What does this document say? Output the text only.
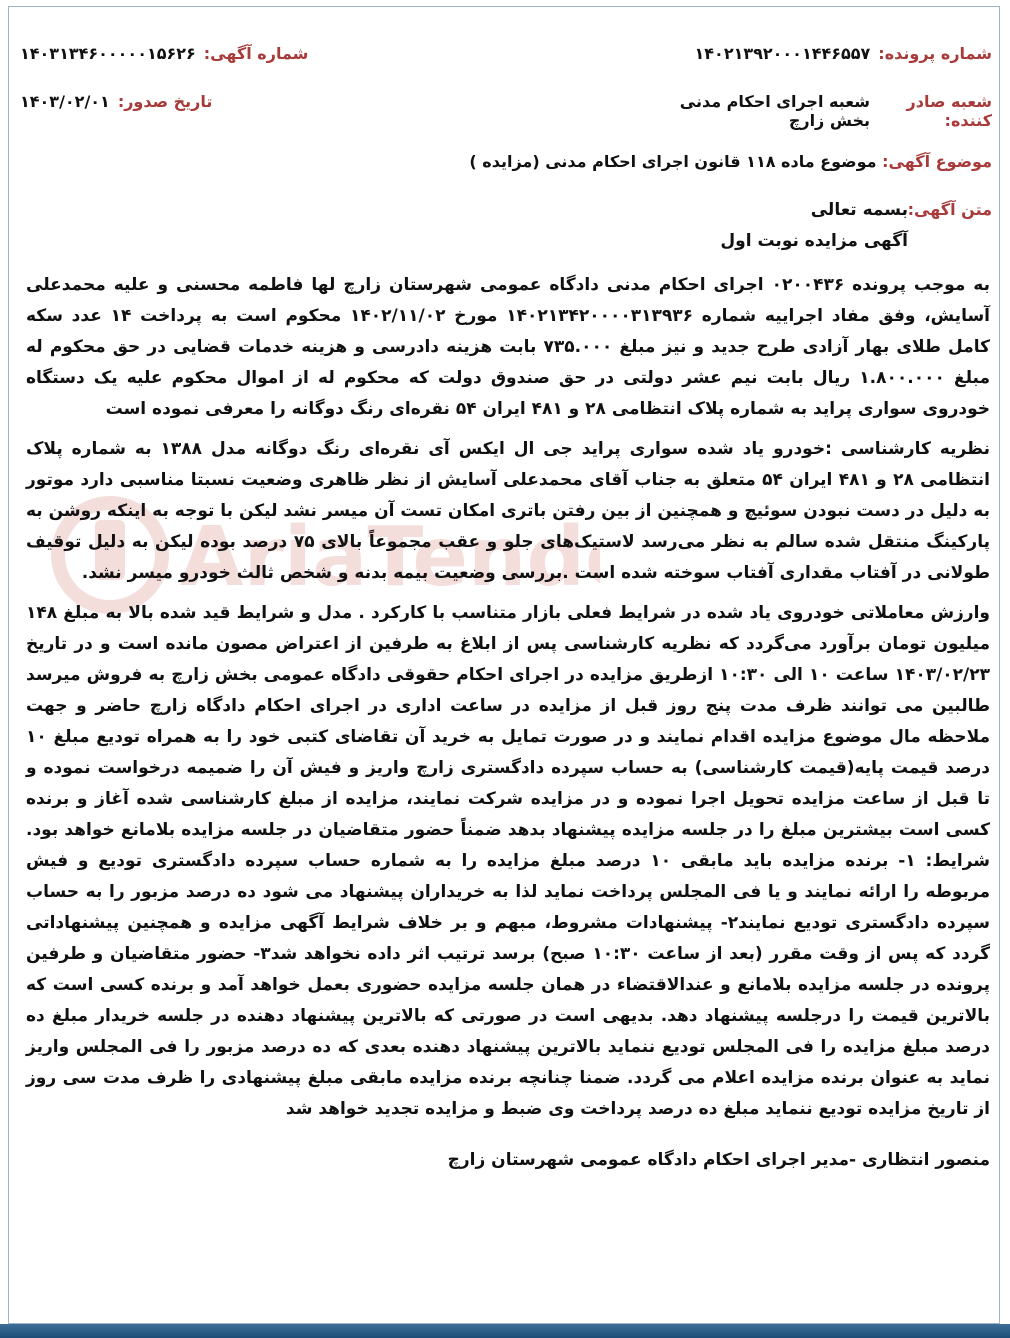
AriaTend
شماره آگهی:
۱۴۰۳۱۳۴۶۰۰۰۰۰۱۵۶۲۶	شماره پرونده:
۱۴۰۲۱۳۹۲۰۰۰۱۴۴۶۵۵۷
تاریخ صدور:
۱۴۰۳/۰۲/۰۱	شعبه صادر کننده:
شعبه اجرای احکام مدنی بخش زارچ
موضوع آگهی: موضوع ماده ۱۱۸ قانون اجرای احکام مدنی (مزایده )
متن آگهی:
بسمه تعالی
آگهی مزایده نوبت اول

به موجب پرونده ۰۲۰۰۴۳۶ اجرای احکام مدنی دادگاه عمومی شهرستان زارچ لها فاطمه محسنی و علیه محمدعلی آسایش، وفق مفاد اجراییه شماره ۱۴۰۲۱۳۴۲۰۰۰۰۳۱۳۹۳۶ مورخ ۱۴۰۲/۱۱/۰۲ محکوم است به پرداخت ۱۴ عدد سکه کامل طلای بهار آزادی طرح جدید و نیز مبلغ ۷۳۵.۰۰۰ بابت هزینه دادرسی و هزینه خدمات قضایی در حق محکوم له مبلغ ۱.۸۰۰.۰۰۰ ریال بابت نیم عشر دولتی در حق صندوق دولت که محکوم له از اموال محکوم علیه یک دستگاه خودروی سواری پراید به شماره پلاک انتظامی ۲۸ و ۴۸۱ ایران ۵۴ نقره‌ای رنگ دوگانه را معرفی نموده است

نظریه کارشناسی :خودرو یاد شده سواری پراید جی ال ایکس آی نقره‌ای رنگ دوگانه مدل ۱۳۸۸ به شماره پلاک انتظامی ۲۸ و ۴۸۱ ایران ۵۴ متعلق به جناب آقای محمدعلی آسایش از نظر ظاهری وضعیت نسبتا مناسبی دارد موتور به دلیل در دست نبودن سوئیچ و همچنین از بین رفتن باتری امکان تست آن میسر نشد لیکن با توجه به اینکه روشن به پارکینگ منتقل شده سالم به نظر می‌رسد لاستیک‌های جلو و عقب مجموعاً بالای ۷۵ درصد بوده لیکن به دلیل توقیف طولانی در آفتاب مقداری آفتاب سوخته شده است .بررسی وضعیت بیمه بدنه و شخص ثالث خودرو میسر نشد.

وارزش معاملاتی خودروی یاد شده در شرایط فعلی بازار متناسب با کارکرد . مدل و شرایط قید شده بالا به مبلغ ۱۴۸ میلیون تومان برآورد می‌گردد که نظریه کارشناسی پس از ابلاغ به طرفین از اعتراض مصون مانده است و در تاریخ ۱۴۰۳/۰۲/۲۳ ساعت ۱۰ الی ۱۰:۳۰ ازطریق مزایده در اجرای احکام حقوقی دادگاه عمومی بخش زارچ به فروش میرسد طالبین می توانند ظرف مدت پنج روز قبل از مزایده در ساعت اداری در اجرای احکام دادگاه زارچ حاضر و جهت ملاحظه مال موضوع مزایده اقدام نمایند و در صورت تمایل به خرید آن تقاضای کتبی خود را به همراه تودیع مبلغ ۱۰ درصد قیمت پایه(قیمت کارشناسی) به حساب سپرده دادگستری زارچ واریز و فیش آن را ضمیمه درخواست نموده و تا قبل از ساعت مزایده تحویل اجرا نموده و در مزایده شرکت نمایند، مزایده از مبلغ کارشناسی شده آغاز و برنده کسی است بیشترین مبلغ را در جلسه مزایده پیشنهاد بدهد ضمناً حضور متقاضیان در جلسه مزایده بلامانع خواهد بود. شرایط: ۱- برنده مزایده باید مابقی ۱۰ درصد مبلغ مزایده را به شماره حساب سپرده دادگستری تودیع و فیش مربوطه را ارائه نمایند و یا فی المجلس پرداخت نماید لذا به خریداران پیشنهاد می شود ده درصد مزبور را به حساب سپرده دادگستری تودیع نمایند۲- پیشنهادات مشروط، مبهم و بر خلاف شرایط آگهی مزایده و همچنین پیشنهاداتی گردد که پس از وقت مقرر (بعد از ساعت ۱۰:۳۰ صبح) برسد ترتیب اثر داده نخواهد شد۳- حضور متقاضیان و طرفین پرونده در جلسه مزایده بلامانع و عندالاقتضاء در همان جلسه مزایده حضوری بعمل خواهد آمد و برنده کسی است که بالاترین قیمت را درجلسه پیشنهاد دهد. بدیهی است در صورتی که بالاترین پیشنهاد دهنده در جلسه خریدار مبلغ ده درصد مبلغ مزایده را فی المجلس تودیع ننماید بالاترین پیشنهاد دهنده بعدی که ده درصد مزبور را فی المجلس واریز نماید به عنوان برنده مزایده اعلام می گردد. ضمنا چنانچه برنده مزایده مابقی مبلغ پیشنهادی را ظرف مدت سی روز از تاریخ مزایده تودیع ننماید مبلغ ده درصد پرداخت وی ضبط و مزایده تجدید خواهد شد

منصور انتظاری -مدیر اجرای احکام دادگاه عمومی شهرستان زارچ
